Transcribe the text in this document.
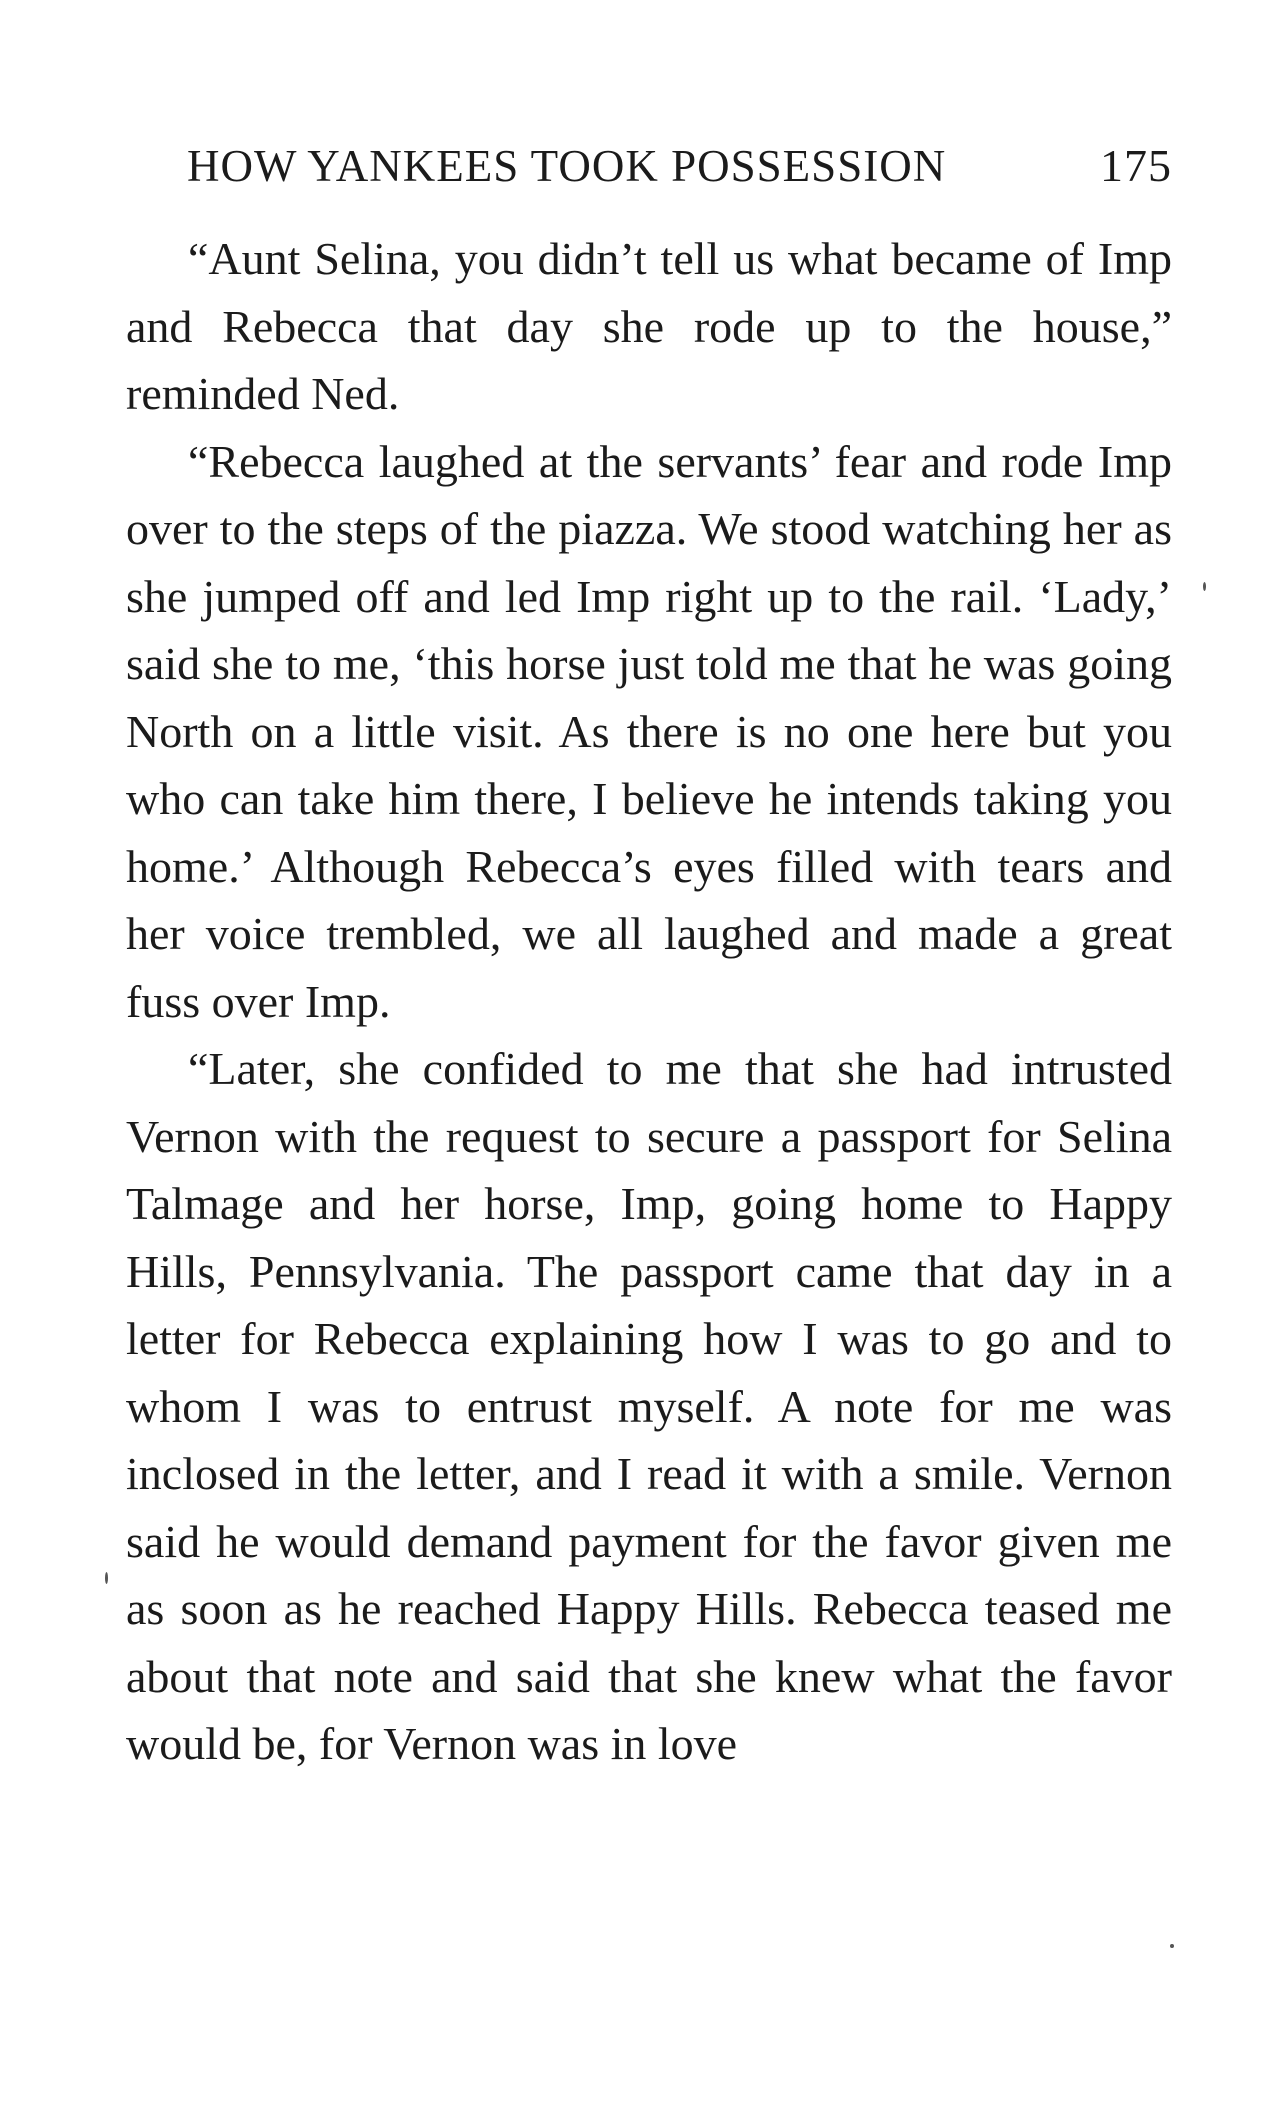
HOW YANKEES TOOK POSSESSION	175

“Aunt Selina, you didn’t tell us what became of Imp and Rebecca that day she rode up to the house,” reminded Ned.

“Rebecca laughed at the servants’ fear and rode Imp over to the steps of the piazza. We stood watching her as she jumped off and led Imp right up to the rail. ‘Lady,’ said she to me, ‘this horse just told me that he was going North on a little visit. As there is no one here but you who can take him there, I believe he intends taking you home.’ Although Rebecca’s eyes filled with tears and her voice trembled, we all laughed and made a great fuss over Imp.

“Later, she confided to me that she had intrusted Vernon with the request to secure a passport for Selina Talmage and her horse, Imp, going home to Happy Hills, Pennsylvania. The passport came that day in a letter for Rebecca explaining how I was to go and to whom I was to entrust myself. A note for me was inclosed in the letter, and I read it with a smile. Vernon said he would demand payment for the favor given me as soon as he reached Happy Hills. Rebecca teased me about that note and said that she knew what the favor would be, for Vernon was in love
